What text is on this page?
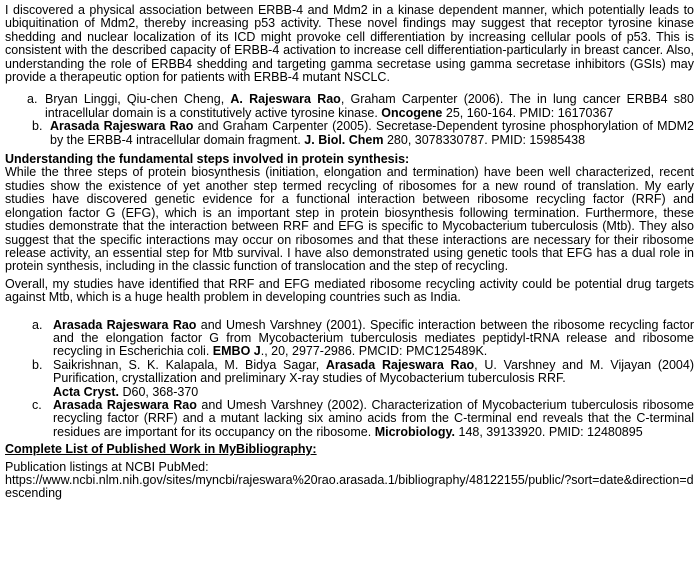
I discovered a physical association between ERBB-4 and Mdm2 in a kinase dependent manner, which potentially leads to ubiquitination of Mdm2, thereby increasing p53 activity. These novel findings may suggest that receptor tyrosine kinase shedding and nuclear localization of its ICD might provoke cell differentiation by increasing cellular pools of p53. This is consistent with the described capacity of ERBB-4 activation to increase cell differentiation-particularly in breast cancer. Also, understanding the role of ERBB4 shedding and targeting gamma secretase using gamma secretase inhibitors (GSIs) may provide a therapeutic option for patients with ERBB-4 mutant NSCLC.

a. Bryan Linggi, Qiu-chen Cheng, A. Rajeswara Rao, Graham Carpenter (2006). The in lung cancer ERBB4 s80 intracellular domain is a constitutively active tyrosine kinase. Oncogene 25, 160-164. PMID: 16170367
b. Arasada Rajeswara Rao and Graham Carpenter (2005). Secretase-Dependent tyrosine phosphorylation of MDM2 by the ERBB-4 intracellular domain fragment. J. Biol. Chem 280, 3078330787. PMID: 15985438
Understanding the fundamental steps involved in protein synthesis:

While the three steps of protein biosynthesis (initiation, elongation and termination) have been well characterized, recent studies show the existence of yet another step termed recycling of ribosomes for a new round of translation. My early studies have discovered genetic evidence for a functional interaction between ribosome recycling factor (RRF) and elongation factor G (EFG), which is an important step in protein biosynthesis following termination. Furthermore, these studies demonstrate that the interaction between RRF and EFG is specific to Mycobacterium tuberculosis (Mtb). They also suggest that the specific interactions may occur on ribosomes and that these interactions are necessary for their ribosome release activity, an essential step for Mtb survival. I have also demonstrated using genetic tools that EFG has a dual role in protein synthesis, including in the classic function of translocation and the step of recycling.

Overall, my studies have identified that RRF and EFG mediated ribosome recycling activity could be potential drug targets against Mtb, which is a huge health problem in developing countries such as India.

a. Arasada Rajeswara Rao and Umesh Varshney (2001). Specific interaction between the ribosome recycling factor and the elongation factor G from Mycobacterium tuberculosis mediates peptidyl-tRNA release and ribosome recycling in Escherichia coli. EMBO J., 20, 2977-2986. PMCID: PMC125489K.
b. Saikrishnan, S. K. Kalapala, M. Bidya Sagar, Arasada Rajeswara Rao, U. Varshney and M. Vijayan (2004) Purification, crystallization and preliminary X-ray studies of Mycobacterium tuberculosis RRF.
Acta Cryst. D60, 368-370
c. Arasada Rajeswara Rao and Umesh Varshney (2002). Characterization of Mycobacterium tuberculosis ribosome recycling factor (RRF) and a mutant lacking six amino acids from the C-terminal end reveals that the C-terminal residues are important for its occupancy on the ribosome. Microbiology. 148, 39133920. PMID: 12480895
Complete List of Published Work in MyBibliography:

Publication listings at NCBI PubMed:

https://www.ncbi.nlm.nih.gov/sites/myncbi/rajeswara%20rao.arasada.1/bibliography/48122155/public/?sort=date&direction=descending
